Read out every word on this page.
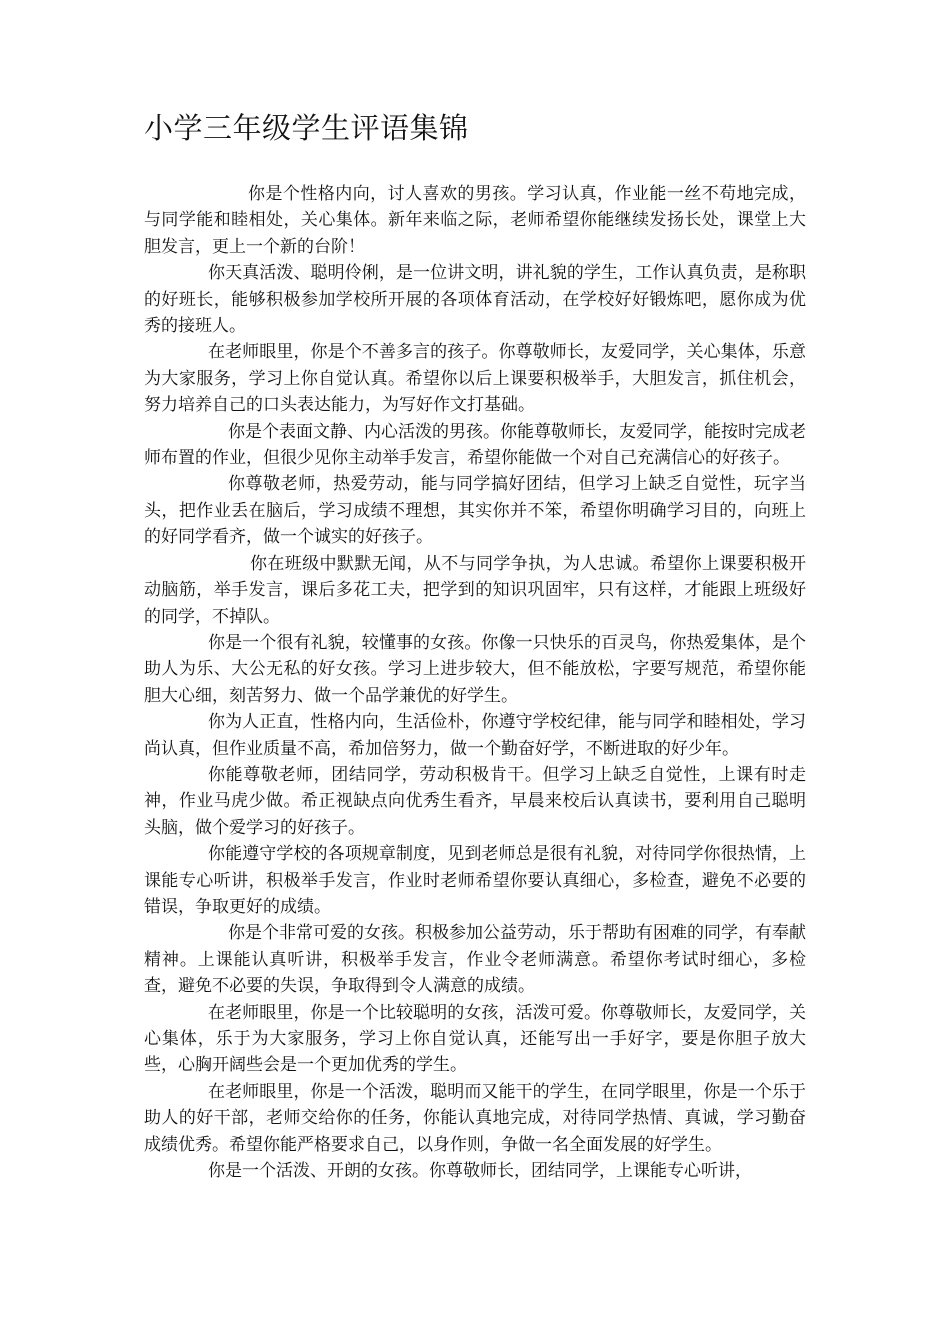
小学三年级学生评语集锦

你是个性格内向，讨人喜欢的男孩。学习认真，作业能一丝不苟地完成，与同学能和睦相处，关心集体。新年来临之际，老师希望你能继续发扬长处，课堂上大胆发言，更上一个新的台阶！

你天真活泼、聪明伶俐，是一位讲文明，讲礼貌的学生，工作认真负责，是称职的好班长，能够积极参加学校所开展的各项体育活动，在学校好好锻炼吧，愿你成为优秀的接班人。

在老师眼里，你是个不善多言的孩子。你尊敬师长，友爱同学，关心集体，乐意为大家服务，学习上你自觉认真。希望你以后上课要积极举手，大胆发言，抓住机会，努力培养自己的口头表达能力，为写好作文打基础。

你是个表面文静、内心活泼的男孩。你能尊敬师长，友爱同学，能按时完成老师布置的作业，但很少见你主动举手发言，希望你能做一个对自己充满信心的好孩子。

你尊敬老师，热爱劳动，能与同学搞好团结，但学习上缺乏自觉性，玩字当头，把作业丢在脑后，学习成绩不理想，其实你并不笨，希望你明确学习目的，向班上的好同学看齐，做一个诚实的好孩子。

你在班级中默默无闻，从不与同学争执，为人忠诚。希望你上课要积极开动脑筋，举手发言，课后多花工夫，把学到的知识巩固牢，只有这样，才能跟上班级好的同学，不掉队。

你是一个很有礼貌，较懂事的女孩。你像一只快乐的百灵鸟，你热爱集体，是个助人为乐、大公无私的好女孩。学习上进步较大，但不能放松，字要写规范，希望你能胆大心细，刻苦努力、做一个品学兼优的好学生。

你为人正直，性格内向，生活俭朴，你遵守学校纪律，能与同学和睦相处，学习尚认真，但作业质量不高，希加倍努力，做一个勤奋好学，不断进取的好少年。

你能尊敬老师，团结同学，劳动积极肯干。但学习上缺乏自觉性，上课有时走神，作业马虎少做。希正视缺点向优秀生看齐，早晨来校后认真读书，要利用自己聪明头脑，做个爱学习的好孩子。

你能遵守学校的各项规章制度，见到老师总是很有礼貌，对待同学你很热情，上课能专心听讲，积极举手发言，作业时老师希望你要认真细心，多检查，避免不必要的错误，争取更好的成绩。

你是个非常可爱的女孩。积极参加公益劳动，乐于帮助有困难的同学，有奉献精神。上课能认真听讲，积极举手发言，作业令老师满意。希望你考试时细心，多检查，避免不必要的失误，争取得到令人满意的成绩。

在老师眼里，你是一个比较聪明的女孩，活泼可爱。你尊敬师长，友爱同学，关心集体，乐于为大家服务，学习上你自觉认真，还能写出一手好字，要是你胆子放大些，心胸开阔些会是一个更加优秀的学生。

在老师眼里，你是一个活泼，聪明而又能干的学生，在同学眼里，你是一个乐于助人的好干部，老师交给你的任务，你能认真地完成，对待同学热情、真诚，学习勤奋成绩优秀。希望你能严格要求自己，以身作则，争做一名全面发展的好学生。

你是一个活泼、开朗的女孩。你尊敬师长，团结同学，上课能专心听讲，
